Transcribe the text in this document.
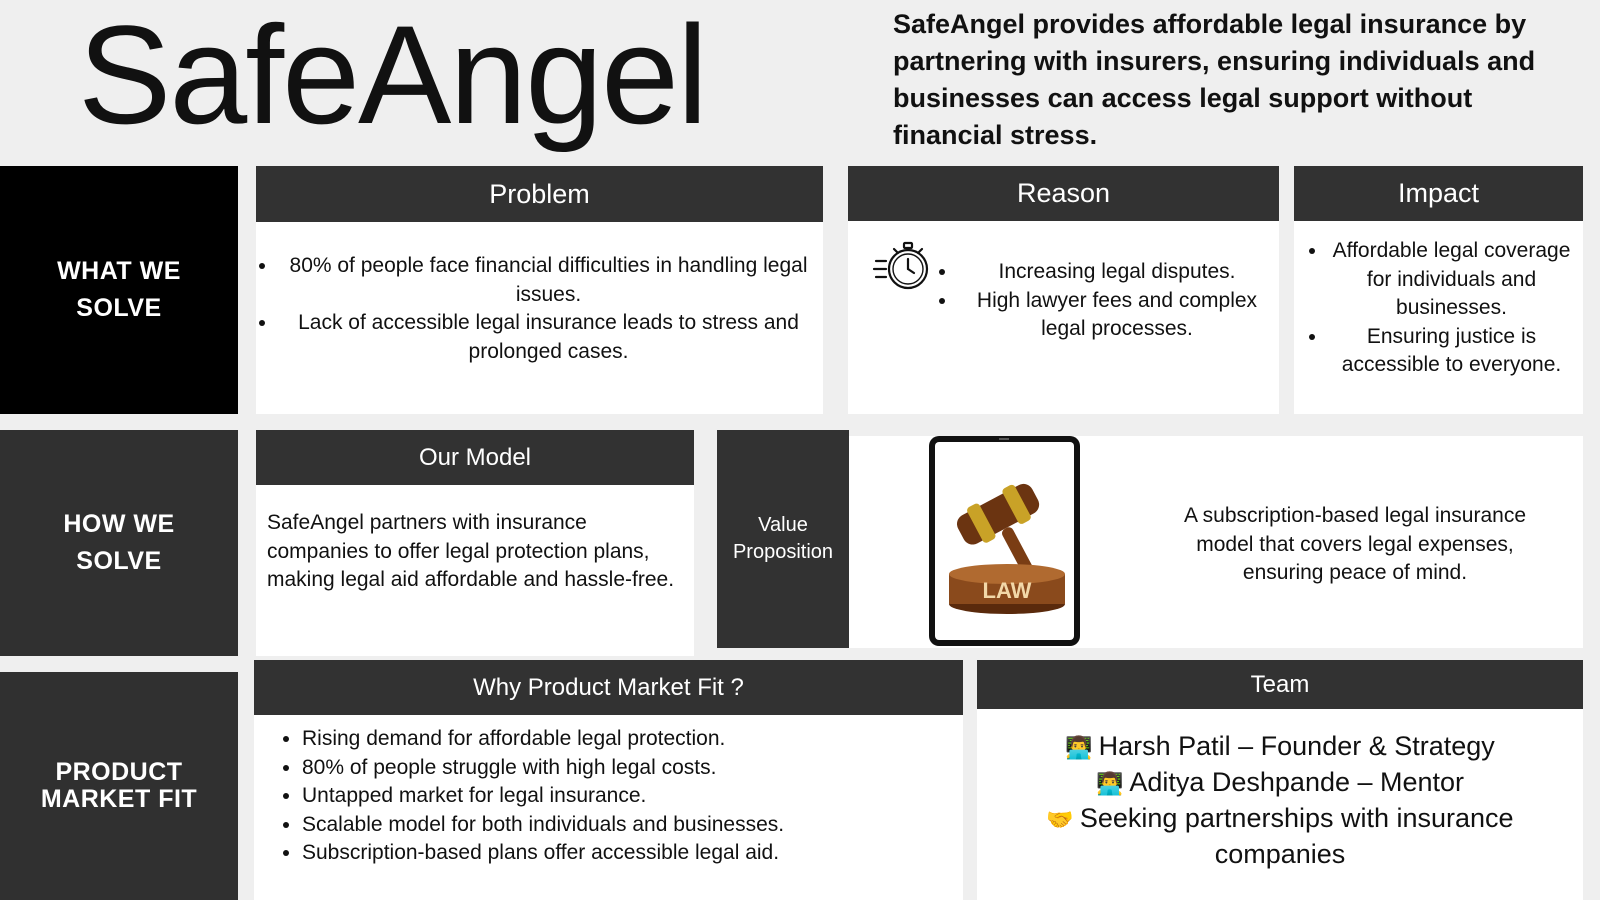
SafeAngel	SafeAngel provides affordable legal insurance by partnering with insurers, ensuring individuals and businesses can access legal support without financial stress.
WHAT WE SOLVE
HOW WE SOLVE
PRODUCT MARKET FIT
Problem
• 80% of people face financial difficulties in handling legal issues.
• Lack of accessible legal insurance leads to stress and prolonged cases.
Reason
• Increasing legal disputes.
• High lawyer fees and complex legal processes.
Impact
• Affordable legal coverage for individuals and businesses.
• Ensuring justice is accessible to everyone.
Our Model
SafeAngel partners with insurance companies to offer legal protection plans, making legal aid affordable and hassle-free.
Value Proposition
LAW
A subscription-based legal insurance model that covers legal expenses, ensuring peace of mind.
Why Product Market Fit ?
• Rising demand for affordable legal protection.
• 80% of people struggle with high legal costs.
• Untapped market for legal insurance.
• Scalable model for both individuals and businesses.
• Subscription-based plans offer accessible legal aid.
Team
👨‍💻 Harsh Patil – Founder & Strategy
👨‍💻 Aditya Deshpande – Mentor
🤝 Seeking partnerships with insurance companies
